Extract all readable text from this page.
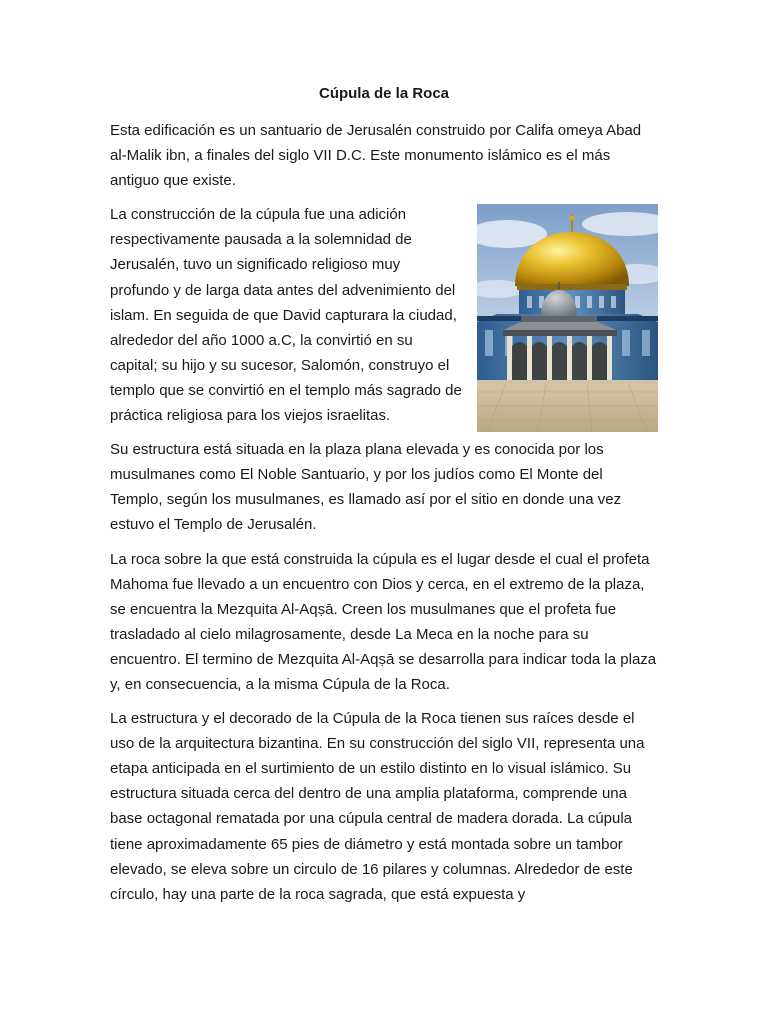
Cúpula de la Roca

Esta edificación es un santuario de Jerusalén construido por Califa omeya Abad al-Malik ibn, a finales del siglo VII D.C. Este monumento islámico es el más antiguo que existe.

La construcción de la cúpula fue una adición respectivamente pausada a la solemnidad de Jerusalén, tuvo un significado religioso muy profundo y de larga data antes del advenimiento del islam. En seguida de que David capturara la ciudad, alrededor del año 1000 a.C, la convirtió en su capital; su hijo y su sucesor, Salomón, construyo el templo que se convirtió en el templo más sagrado de práctica religiosa para los viejos israelitas.

Su estructura está situada en la plaza plana elevada y es conocida por los musulmanes como El Noble Santuario, y por los judíos como El Monte del Templo, según los musulmanes, es llamado así por el sitio en donde una vez estuvo el Templo de Jerusalén.

La roca sobre la que está construida la cúpula es el lugar desde el cual el profeta Mahoma fue llevado a un encuentro con Dios y cerca, en el extremo de la plaza, se encuentra la Mezquita Al-Aqṣā. Creen los musulmanes que el profeta fue trasladado al cielo milagrosamente, desde La Meca en la noche para su encuentro. El termino de Mezquita Al-Aqṣā se desarrolla para indicar toda la plaza y, en consecuencia, a la misma Cúpula de la Roca.

La estructura y el decorado de la Cúpula de la Roca tienen sus raíces desde el uso de la arquitectura bizantina. En su construcción del siglo VII, representa una etapa anticipada en el surtimiento de un estilo distinto en lo visual islámico. Su estructura situada cerca del dentro de una amplia plataforma, comprende una base octagonal rematada por una cúpula central de madera dorada. La cúpula tiene aproximadamente 65 pies de diámetro y está montada sobre un tambor elevado, se eleva sobre un circulo de 16 pilares y columnas. Alrededor de este círculo, hay una parte de la roca sagrada, que está expuesta y
